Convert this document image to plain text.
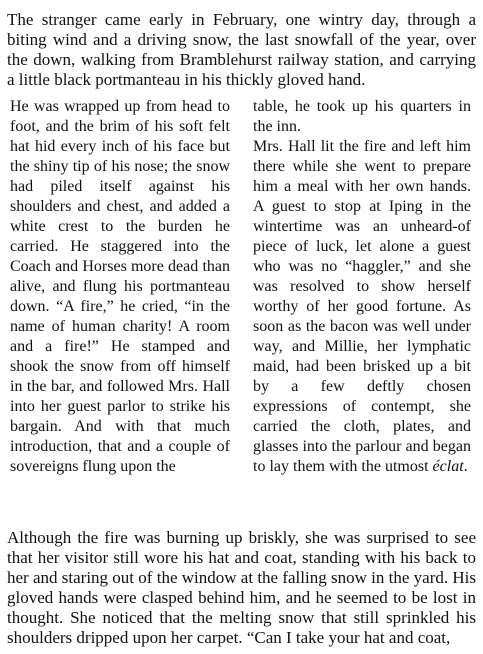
The stranger came early in February, one wintry day, through a biting wind and a driving snow, the last snowfall of the year, over the down, walking from Bramblehurst railway station, and carrying a little black portmanteau in his thickly gloved hand.

He was wrapped up from head to foot, and the brim of his soft felt hat hid every inch of his face but the shiny tip of his nose; the snow had piled itself against his shoulders and chest, and added a white crest to the burden he carried. He staggered into the Coach and Horses more dead than alive, and flung his portmanteau down. “A fire,” he cried, “in the name of human charity! A room and a fire!” He stamped and shook the snow from off himself in the bar, and followed Mrs. Hall into her guest parlor to strike his bargain. And with that much introduction, that and a couple of sovereigns flung upon the

table, he took up his quarters in the inn.

Mrs. Hall lit the fire and left him there while she went to prepare him a meal with her own hands. A guest to stop at Iping in the wintertime was an unheard-of piece of luck, let alone a guest who was no “haggler,” and she was resolved to show herself worthy of her good fortune. As soon as the bacon was well under way, and Millie, her lymphatic maid, had been brisked up a bit by a few deftly chosen expressions of contempt, she carried the cloth, plates, and glasses into the parlour and began to lay them with the utmost éclat.

Although the fire was burning up briskly, she was surprised to see that her visitor still wore his hat and coat, standing with his back to her and staring out of the window at the falling snow in the yard. His gloved hands were clasped behind him, and he seemed to be lost in thought. She noticed that the melting snow that still sprinkled his shoulders dripped upon her carpet. “Can I take your hat and coat,
